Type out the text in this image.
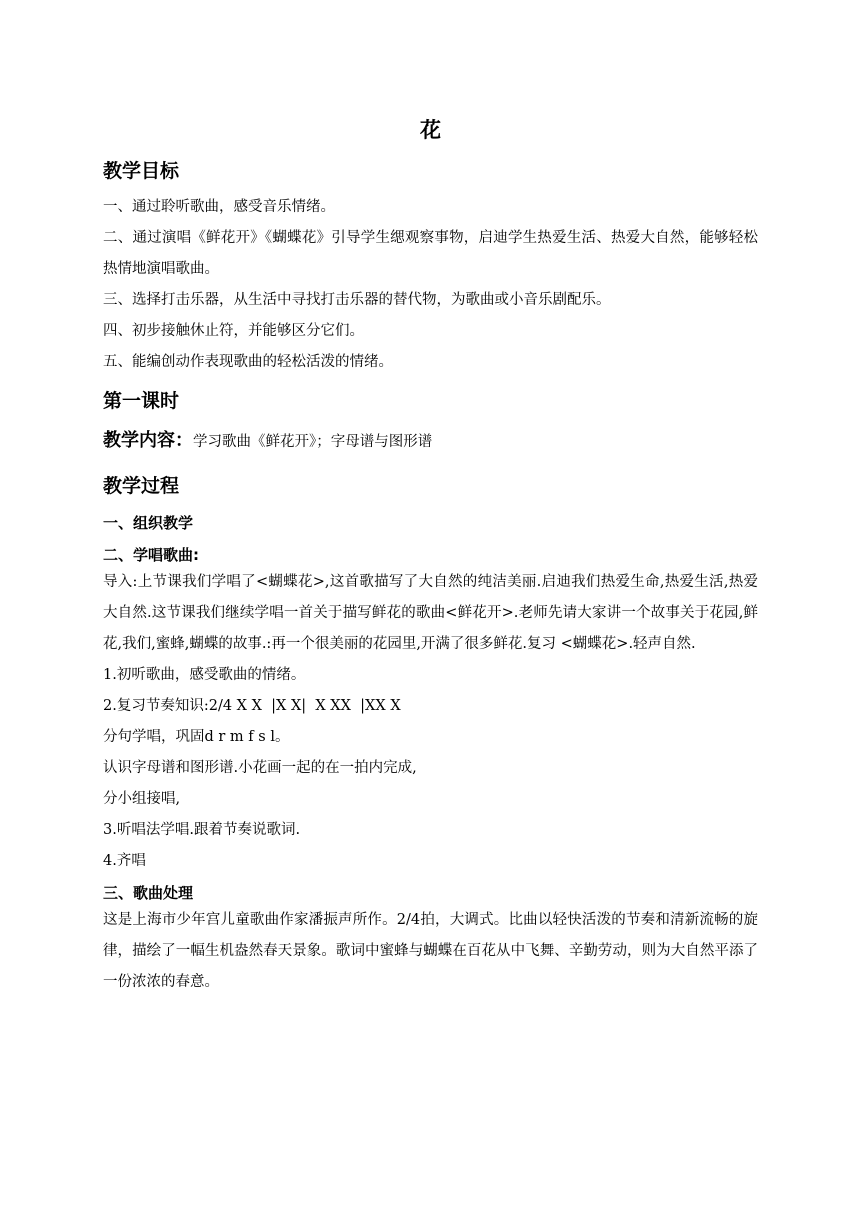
花
教学目标

一、通过聆听歌曲，感受音乐情绪。

二、通过演唱《鲜花开》《蝴蝶花》引导学生缌观察事物，启迪学生热爱生活、热爱大自然，能够轻松热情地演唱歌曲。

三、选择打击乐器，从生活中寻找打击乐器的替代物，为歌曲或小音乐剧配乐。

四、初步接触休止符，并能够区分它们。

五、能编创动作表现歌曲的轻松活泼的情绪。

第一课时
教学内容：学习歌曲《鲜花开》；字母谱与图形谱
教学过程
一、组织教学
二、学唱歌曲:

导入:上节课我们学唱了<蝴蝶花>,这首歌描写了大自然的纯洁美丽.启迪我们热爱生命,热爱生活,热爱大自然.这节课我们继续学唱一首关于描写鲜花的歌曲<鲜花开>.老师先请大家讲一个故事关于花园,鲜花,我们,蜜蜂,蝴蝶的故事.:再一个很美丽的花园里,开满了很多鲜花.复习 <蝴蝶花>.轻声自然.

1.初听歌曲，感受歌曲的情绪。

2.复习节奏知识:2/4 X X  |X X|  X XX  |XX X

分句学唱，巩固d r m f s l。

认识字母谱和图形谱.小花画一起的在一拍内完成,

分小组接唱,

3.听唱法学唱.跟着节奏说歌词.

4.齐唱

三、歌曲处理

这是上海市少年宫儿童歌曲作家潘振声所作。2/4拍，大调式。比曲以轻快活泼的节奏和清新流畅的旋律，描绘了一幅生机盎然春天景象。歌词中蜜蜂与蝴蝶在百花从中飞舞、辛勤劳动，则为大自然平添了一份浓浓的春意。
